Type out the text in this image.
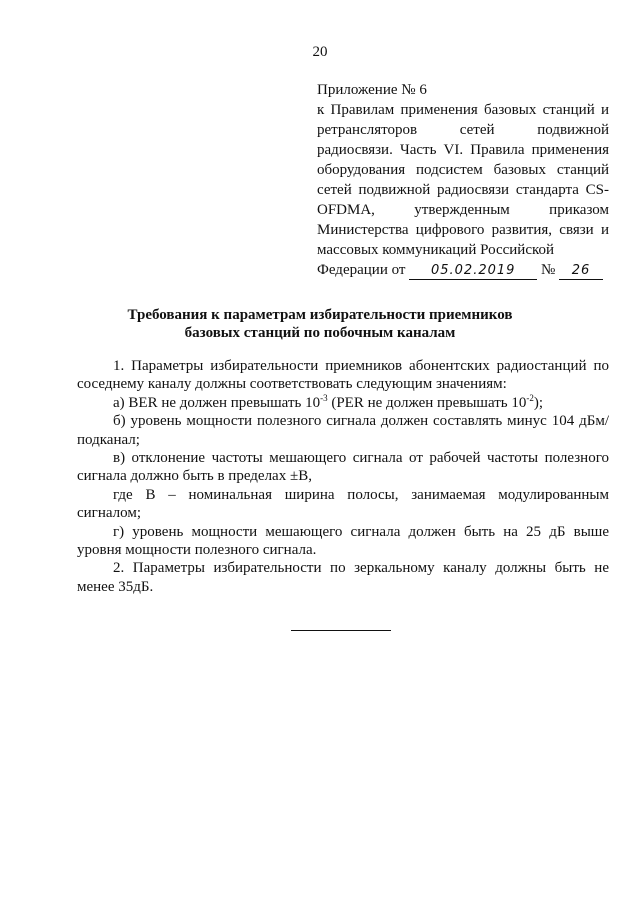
20
Приложение № 6
к Правилам применения базовых станций и ретрансляторов сетей подвижной радиосвязи. Часть VI. Правила применения оборудования подсистем базовых станций сетей подвижной радиосвязи стандарта CS-OFDMA, утвержденным приказом Министерства цифрового развития, связи и массовых коммуникаций Российской
Федерации от 05.02.2019 № 26
Требования к параметрам избирательности приемников
базовых станций по побочным каналам

1. Параметры избирательности приемников абонентских радиостанций по соседнему каналу должны соответствовать следующим значениям:

а) BER не должен превышать $10^{-3}$ (PER не должен превышать $10^{-2}$);

б) уровень мощности полезного сигнала должен составлять минус 104 дБм/подканал;

в) отклонение частоты мешающего сигнала от рабочей частоты полезного сигнала должно быть в пределах ±В,

где В – номинальная ширина полосы, занимаемая модулированным сигналом;

г) уровень мощности мешающего сигнала должен быть на 25 дБ выше уровня мощности полезного сигнала.

2. Параметры избирательности по зеркальному каналу должны быть не менее 35дБ.
